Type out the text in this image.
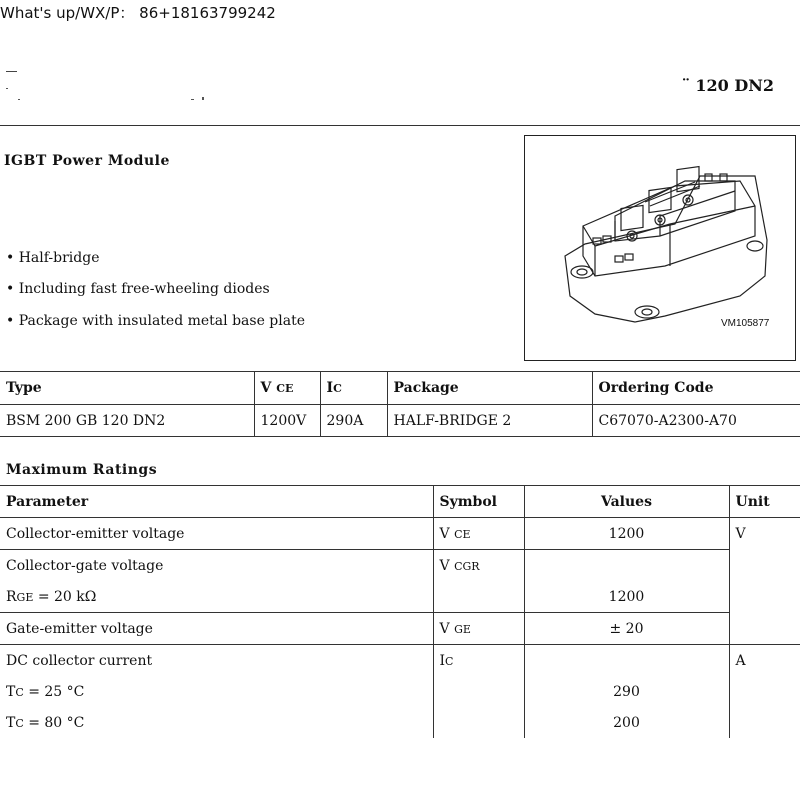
What's up/WX/P： 86+18163799242
̈ 120 DN2
IGBT Power Module
• Half-bridge
• Including fast free-wheeling diodes
• Package with insulated metal base plate	VM105877
Type	V CE	IC	Package	Ordering Code
BSM 200 GB 120 DN2	1200V	290A	HALF-BRIDGE 2	C67070-A2300-A70
Maximum Ratings
Parameter	Symbol	Values	Unit
Collector-emitter voltage	V CE	1200	V
Collector-gate voltage	V CGR		
RGE = 20 kΩ		1200	
Gate-emitter voltage	V GE	± 20	
DC collector current	IC		A
TC = 25 °C		290	
TC = 80 °C		200	
